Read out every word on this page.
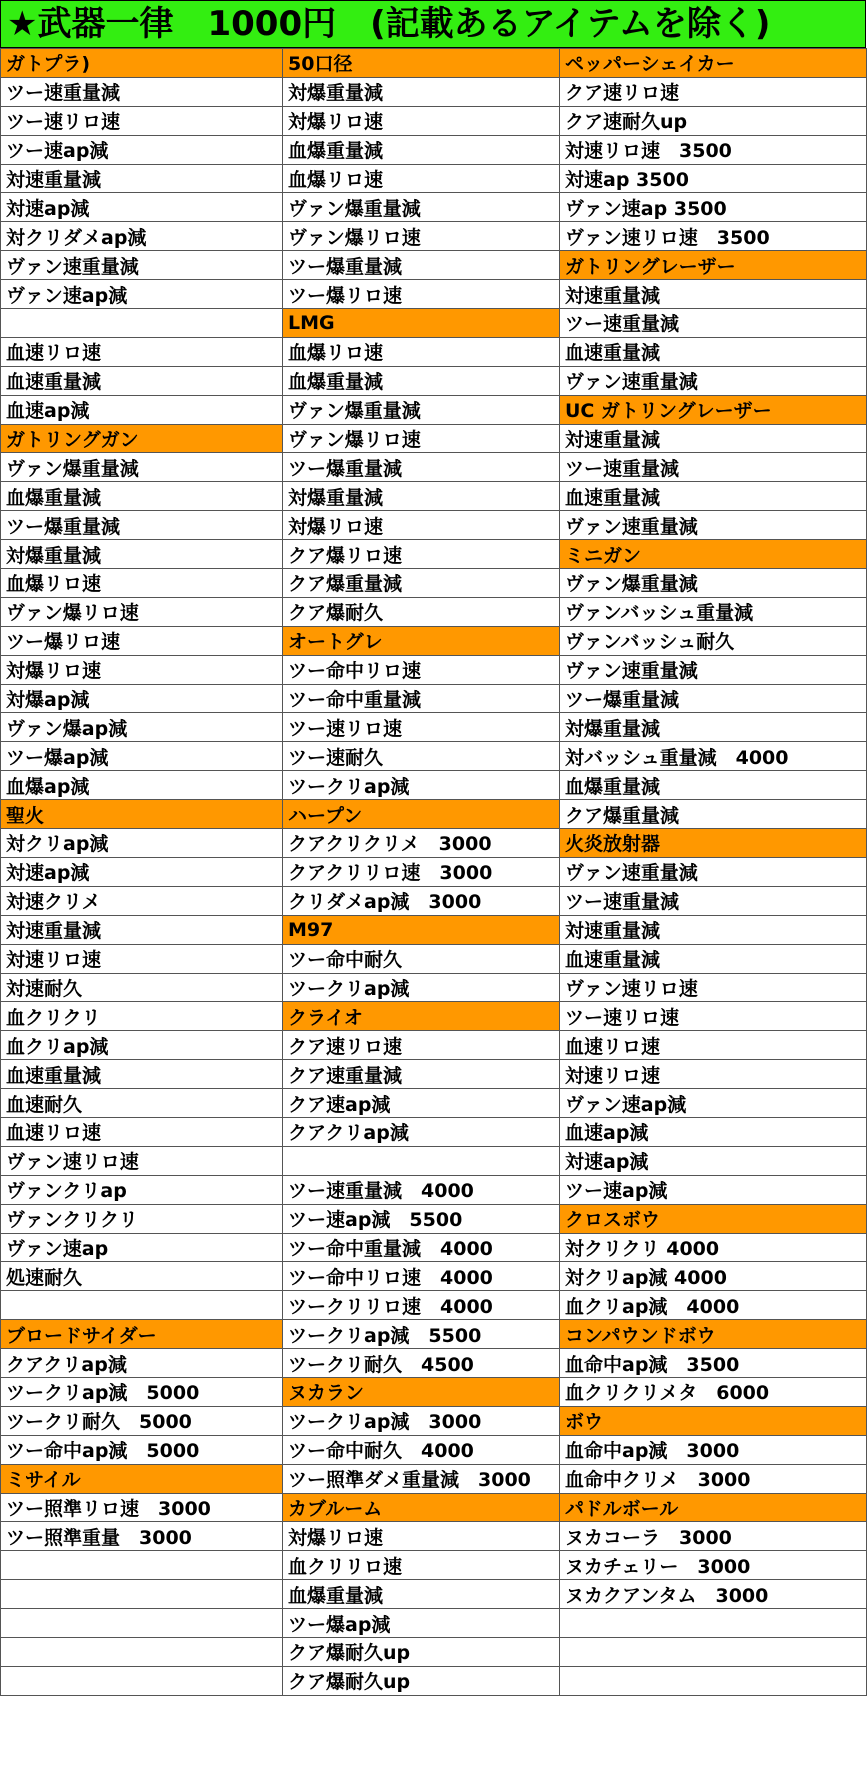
★武器一律　1000円　(記載あるアイテムを除く)
ガトプラ)	50口径	ペッパーシェイカー
ツー速重量減	対爆重量減	クア速リロ速
ツー速リロ速	対爆リロ速	クア速耐久up
ツー速ap減	血爆重量減	対速リロ速　3500
対速重量減	血爆リロ速	対速ap 3500
対速ap減	ヴァン爆重量減	ヴァン速ap 3500
対クリダメap減	ヴァン爆リロ速	ヴァン速リロ速　3500
ヴァン速重量減	ツー爆重量減	ガトリングレーザー
ヴァン速ap減	ツー爆リロ速	対速重量減
	LMG	ツー速重量減
血速リロ速	血爆リロ速	血速重量減
血速重量減	血爆重量減	ヴァン速重量減
血速ap減	ヴァン爆重量減	UC ガトリングレーザー
ガトリングガン	ヴァン爆リロ速	対速重量減
ヴァン爆重量減	ツー爆重量減	ツー速重量減
血爆重量減	対爆重量減	血速重量減
ツー爆重量減	対爆リロ速	ヴァン速重量減
対爆重量減	クア爆リロ速	ミニガン
血爆リロ速	クア爆重量減	ヴァン爆重量減
ヴァン爆リロ速	クア爆耐久	ヴァンバッシュ重量減
ツー爆リロ速	オートグレ	ヴァンバッシュ耐久
対爆リロ速	ツー命中リロ速	ヴァン速重量減
対爆ap減	ツー命中重量減	ツー爆重量減
ヴァン爆ap減	ツー速リロ速	対爆重量減
ツー爆ap減	ツー速耐久	対バッシュ重量減　4000
血爆ap減	ツークリap減	血爆重量減
聖火	ハープン	クア爆重量減
対クリap減	クアクリクリメ　3000	火炎放射器
対速ap減	クアクリリロ速　3000	ヴァン速重量減
対速クリメ	クリダメap減　3000	ツー速重量減
対速重量減	M97	対速重量減
対速リロ速	ツー命中耐久	血速重量減
対速耐久	ツークリap減	ヴァン速リロ速
血クリクリ	クライオ	ツー速リロ速
血クリap減	クア速リロ速	血速リロ速
血速重量減	クア速重量減	対速リロ速
血速耐久	クア速ap減	ヴァン速ap減
血速リロ速	クアクリap減	血速ap減
ヴァン速リロ速		対速ap減
ヴァンクリap	ツー速重量減　4000	ツー速ap減
ヴァンクリクリ	ツー速ap減　5500	クロスボウ
ヴァン速ap	ツー命中重量減　4000	対クリクリ 4000
処速耐久	ツー命中リロ速　4000	対クリap減 4000
	ツークリリロ速　4000	血クリap減　4000
ブロードサイダー	ツークリap減　5500	コンパウンドボウ
クアクリap減	ツークリ耐久　4500	血命中ap減　3500
ツークリap減　5000	ヌカラン	血クリクリメタ　6000
ツークリ耐久　5000	ツークリap減　3000	ボウ
ツー命中ap減　5000	ツー命中耐久　4000	血命中ap減　3000
ミサイル	ツー照準ダメ重量減　3000	血命中クリメ　3000
ツー照準リロ速　3000	カブルーム	パドルボール
ツー照準重量　3000	対爆リロ速	ヌカコーラ　3000
	血クリリロ速	ヌカチェリー　3000
	血爆重量減	ヌカクアンタム　3000
	ツー爆ap減	
	クア爆耐久up	
	クア爆耐久up	
